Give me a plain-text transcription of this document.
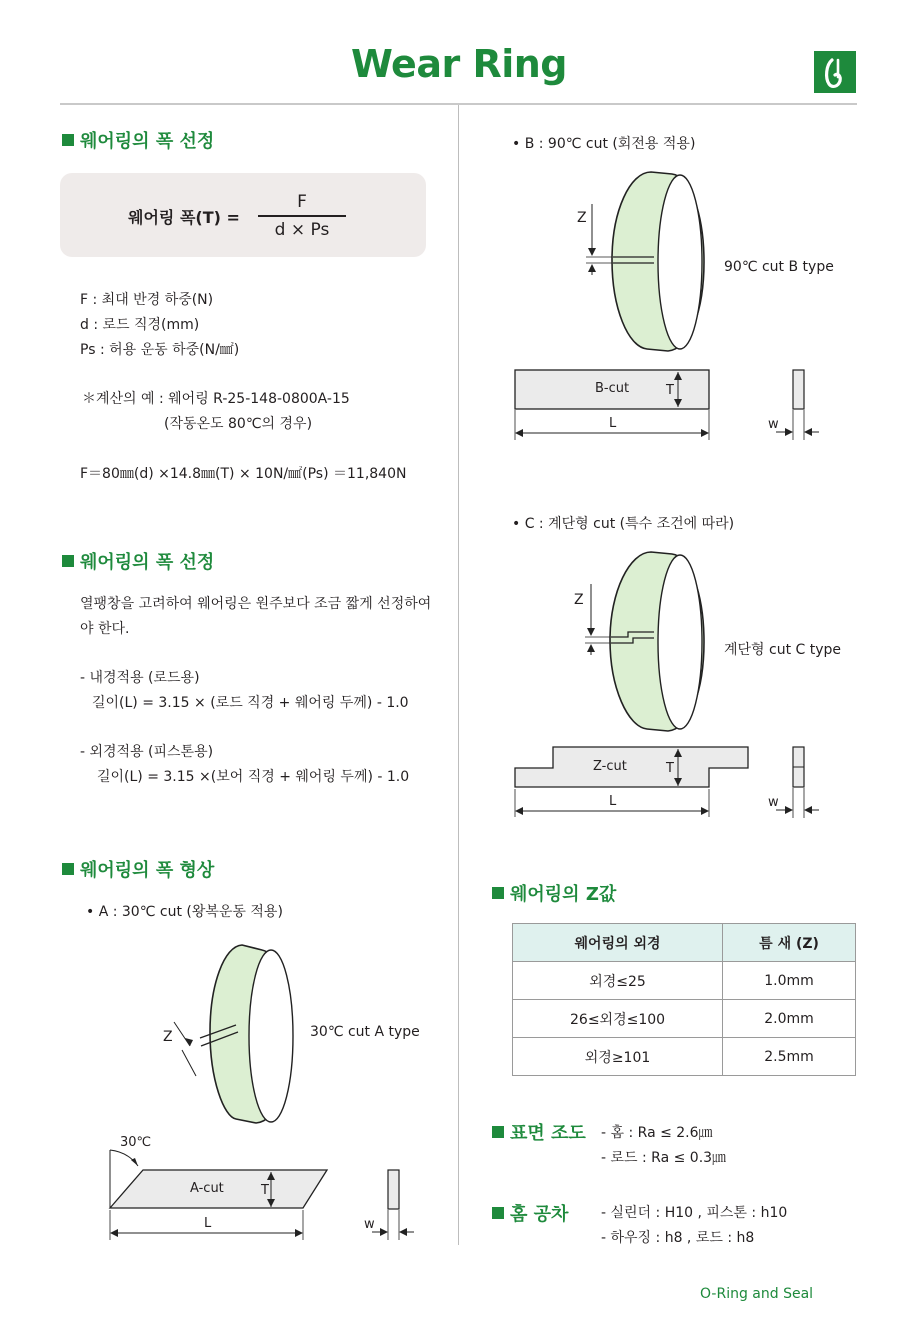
Wear Ring
웨어링의 폭 선정
웨어링 폭(T) =
F
d × Ps
F : 최대 반경 하중(N)
d : 로드 직경(mm)
Ps : 허용 운동 하중(N/㎟)
＊계산의 예 : 웨어링 R-25-148-0800A-15
(작동온도 80℃의 경우)
F＝80㎜(d) ×14.8㎜(T) × 10N/㎟(Ps) ＝11,840N
웨어링의 폭 선정
열팽창을 고려하여 웨어링은 원주보다 조금 짧게 선정하여
야 한다.
- 내경적용 (로드용)
길이(L) = 3.15 × (로드 직경 + 웨어링 두께) - 1.0
- 외경적용 (피스톤용)
길이(L) = 3.15 ×(보어 직경 + 웨어링 두께) - 1.0
웨어링의 폭 형상
• A : 30℃ cut (왕복운동 적용)
Z	30℃ cut A type
30℃
A-cut	T
L	w
• B : 90℃ cut (회전용 적용)
Z
90℃ cut B type
B-cut	T
L	w
• C : 계단형 cut (특수 조건에 따라)
Z
계단형 cut C type
Z-cut	T
L	w
웨어링의 Z값
웨어링의 외경	틈 새 (Z)
외경≤25	1.0mm
26≤외경≤100	2.0mm
외경≥101	2.5mm
표면 조도 - 홈 : Ra ≤ 2.6㎛
- 로드 : Ra ≤ 0.3㎛
홈 공차 - 실린더 : H10 , 피스톤 : h10
- 하우징 : h8 , 로드 : h8
O-Ring and Seal
